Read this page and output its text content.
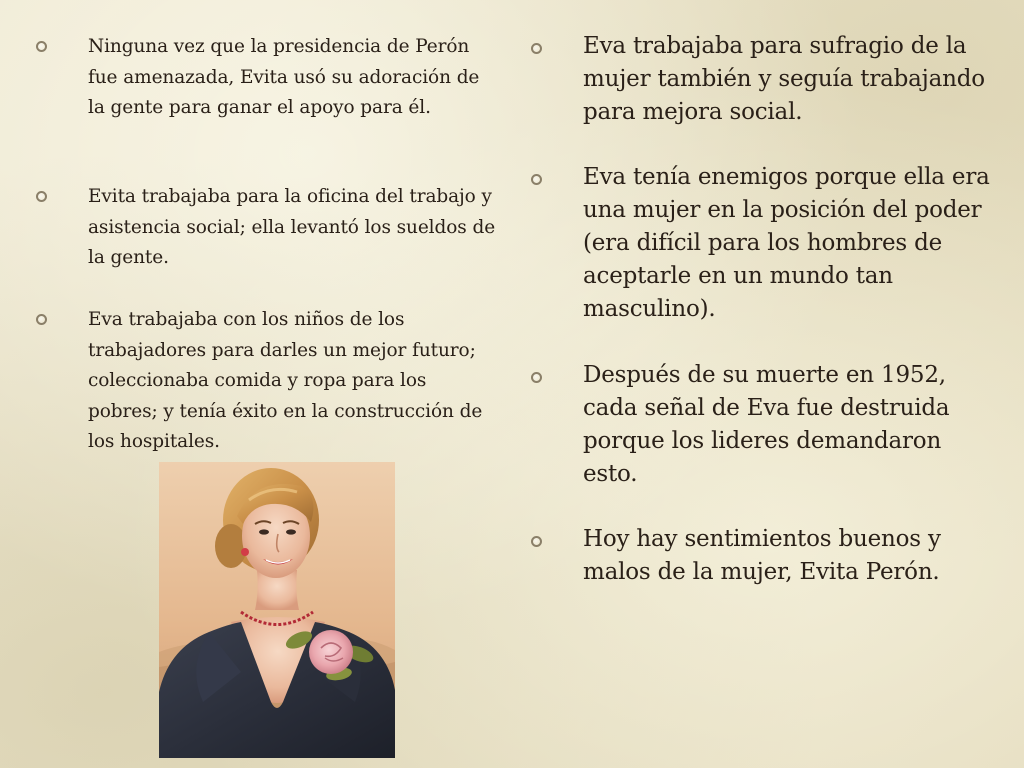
Ninguna vez que la presidencia de Perón fue amenazada, Evita usó su adoración de la gente para ganar el apoyo para él.
Evita trabajaba para la oficina del trabajo y asistencia social; ella levantó los sueldos de la gente.
Eva trabajaba con los niños de los trabajadores para darles un mejor futuro; coleccionaba comida y ropa para los pobres; y tenía éxito en la construcción de los hospitales.
Eva trabajaba para sufragio de la mujer también y seguía trabajando para mejora social.
Eva tenía enemigos porque ella era una mujer en la posición del poder (era difícil para los hombres de aceptarle en un mundo tan masculino).
Después de su muerte en 1952, cada señal de Eva fue destruida porque los lideres demandaron esto.
Hoy hay sentimientos buenos y malos de la mujer, Evita Perón.
